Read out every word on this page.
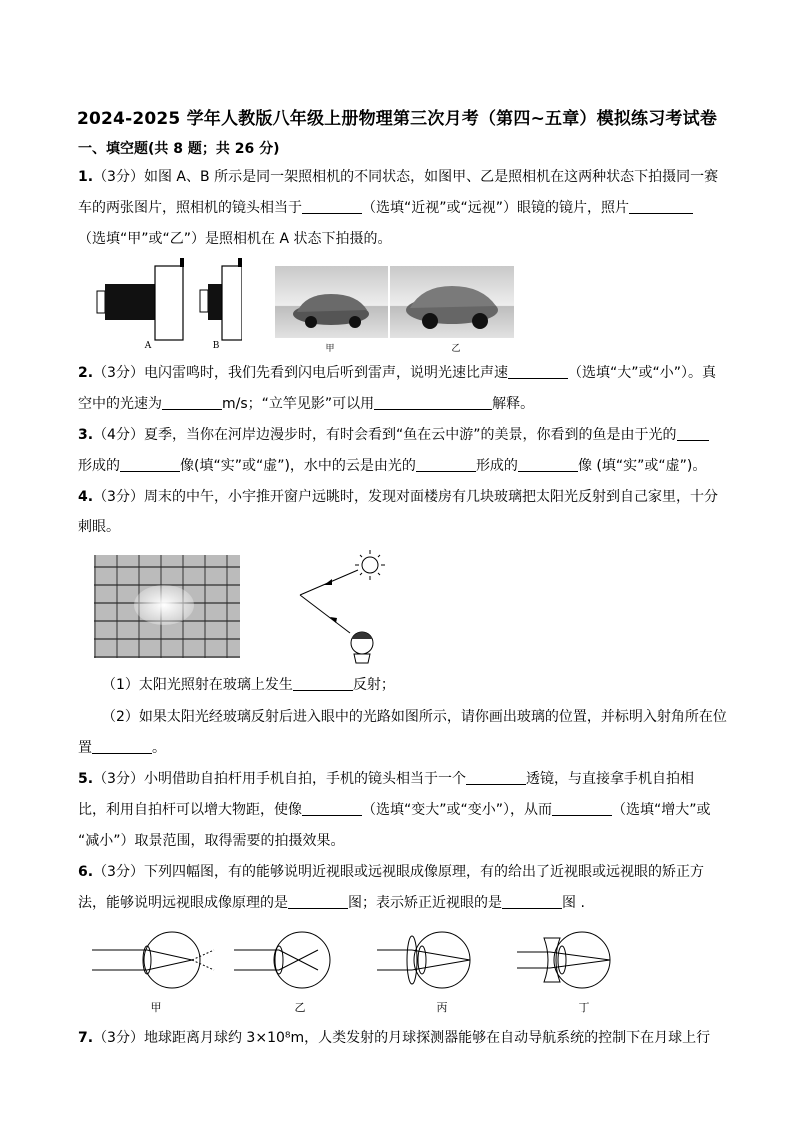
2024-2025 学年人教版八年级上册物理第三次月考（第四~五章）模拟练习考试卷
一、填空题(共 8 题；共 26 分)
1.（3分）如图 A、B 所示是同一架照相机的不同状态，如图甲、乙是照相机在这两种状态下拍摄同一赛
车的两张图片，照相机的镜头相当于	（选填“近视”或“远视”）眼镜的镜片，照片
（选填“甲”或“乙”）是照相机在 A 状态下拍摄的。
A	B	甲	乙
2.（3分）电闪雷鸣时，我们先看到闪电后听到雷声，说明光速比声速	（选填“大”或“小”）。真
空中的光速为	m/s；“立竿见影”可以用	解释。
3.（4分）夏季，当你在河岸边漫步时，有时会看到“鱼在云中游”的美景，你看到的鱼是由于光的
形成的	像(填“实”或“虚”)，水中的云是由光的	形成的	像 (填“实”或“虚”)。
4.（3分）周末的中午，小宇推开窗户远眺时，发现对面楼房有几块玻璃把太阳光反射到自己家里，十分
刺眼。
（1）太阳光照射在玻璃上发生	反射；
（2）如果太阳光经玻璃反射后进入眼中的光路如图所示，请你画出玻璃的位置，并标明入射角所在位
置	。
5.（3分）小明借助自拍杆用手机自拍，手机的镜头相当于一个	透镜，与直接拿手机自拍相
比，利用自拍杆可以增大物距，使像	（选填“变大”或“变小”），从而	（选填“增大”或
“减小”）取景范围，取得需要的拍摄效果。
6.（3分）下列四幅图，有的能够说明近视眼或远视眼成像原理，有的给出了近视眼或远视眼的矫正方
法，能够说明远视眼成像原理的是	图；表示矫正近视眼的是	图 .
甲	乙	丙	丁
7.（3分）地球距离月球约 3×10⁸m，人类发射的月球探测器能够在自动导航系统的控制下在月球上行
